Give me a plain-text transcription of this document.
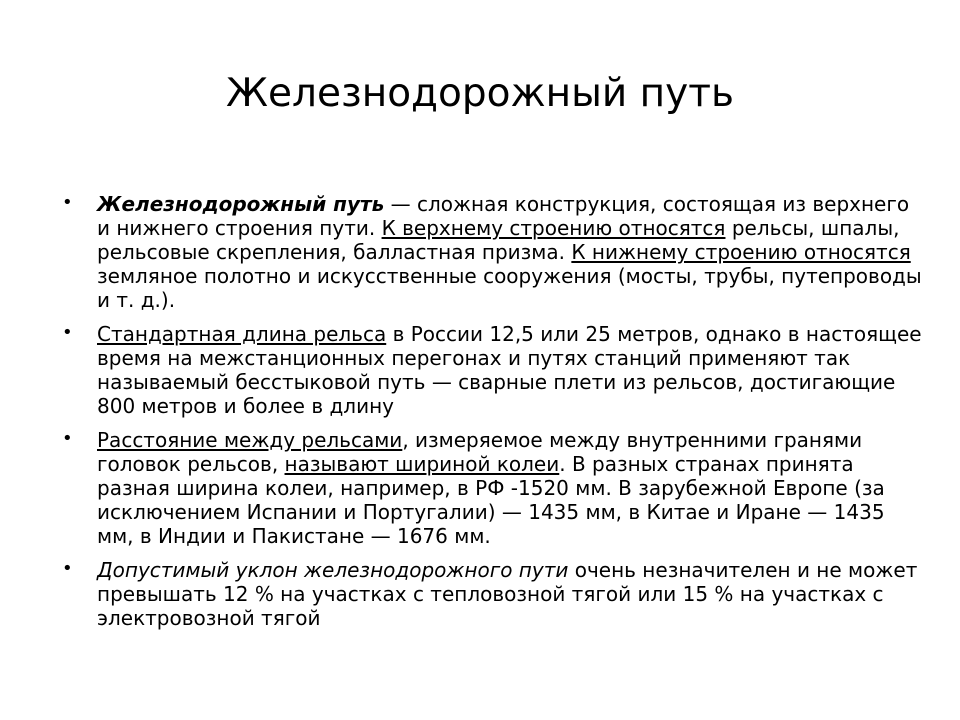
Железнодорожный путь
• Железнодорожный путь — сложная конструкция, состоящая из верхнего и нижнего строения пути. К верхнему строению относятся рельсы, шпалы, рельсовые скрепления, балластная призма. К нижнему строению относятся земляное полотно и искусственные сооружения (мосты, трубы, путепроводы и т. д.).
• Стандартная длина рельса в России 12,5 или 25 метров, однако в настоящее время на межстанционных перегонах и путях станций применяют так называемый бесстыковой путь — сварные плети из рельсов, достигающие 800 метров и более в длину
• Расстояние между рельсами, измеряемое между внутренними гранями головок рельсов, называют шириной колеи. В разных странах принята разная ширина колеи, например, в РФ -1520 мм. В зарубежной Европе (за исключением Испании и Португалии) — 1435 мм, в Китае и Иране — 1435 мм, в Индии и Пакистане — 1676 мм.
• Допустимый уклон железнодорожного пути очень незначителен и не может превышать 12 % на участках с тепловозной тягой или 15 % на участках с электровозной тягой
